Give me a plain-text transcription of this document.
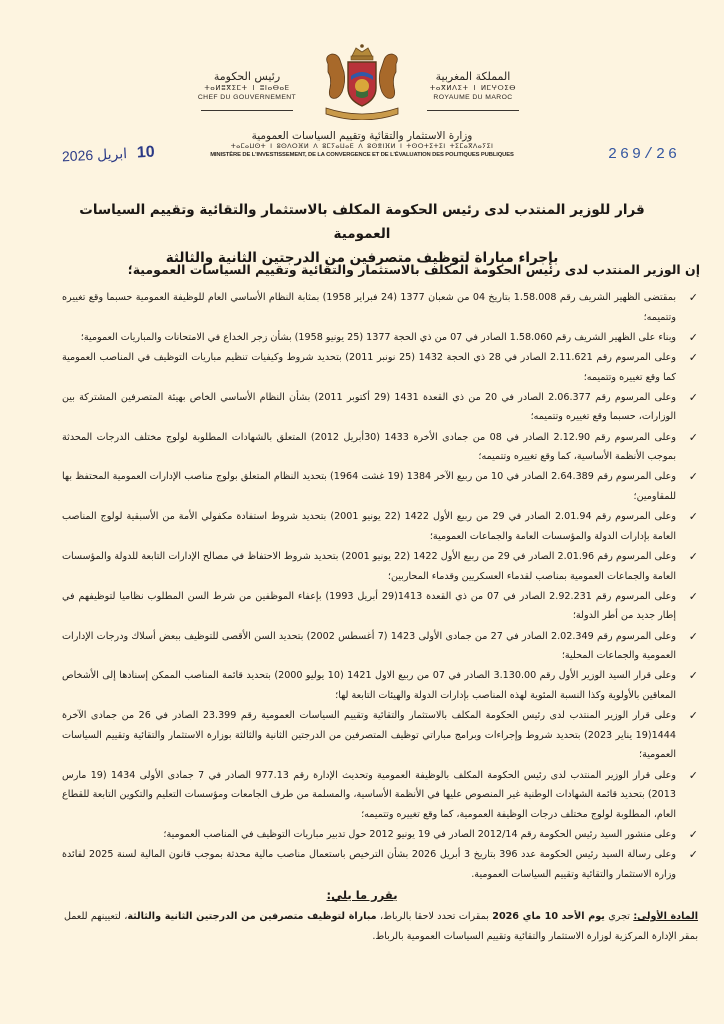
رئيس الحكومة
ⵜⴰⵍⵓⴳⵉⵎⵜ ⵏ ⵓⵏⴰⴱⴰⴹ
CHEF DU GOUVERNEMENT
المملكة المغربية
ⵜⴰⴳⵍⴷⵉⵜ ⵏ ⵍⵎⵖⵔⵉⴱ
ROYAUME DU MAROC
وزارة الاستثمار والتقائية وتقييم السياسات العمومية
ⵜⴰⵎⴰⵡⵙⵜ ⵏ ⵓⵙⴷⵔⴼⵍ ⴷ ⵓⵎⵢⴰⵡⴰⴹ ⴷ ⵓⵙⴻⵏⴼⵍ ⵏ ⵜⵙⵔⵜⵉⵜⵉⵏ ⵜⵉⵎⴰⴳⴷⴰⵢⵉⵏ
MINISTÈRE DE L'INVESTISSEMENT, DE LA CONVERGENCE ET DE L'ÉVALUATION DES POLITIQUES PUBLIQUES
10 ابريل 2026	269/26
قرار للوزير المنتدب لدى رئيس الحكومة المكلف بالاستثمار والتقائية وتقييم السياسات العمومية
بإجراء مباراة لتوظيف متصرفين من الدرجتين الثانية والثالثة
إن الوزير المنتدب لدى رئيس الحكومة المكلف بالاستثمار والتقائية وتقييم السياسات العمومية؛
✓
بمقتضى الظهير الشريف رقم 1.58.008 بتاريخ 04 من شعبان 1377 (24 فبراير 1958) بمثابة النظام الأساسي العام للوظيفة العمومية حسبما وقع تغييره وتتميمه؛
✓
وبناء على الظهير الشريف رقم 1.58.060 الصادر في 07 من ذي الحجة 1377 (25 يونيو 1958) بشأن زجر الخداع في الامتحانات والمباريات العمومية؛
✓
وعلى المرسوم رقم 2.11.621 الصادر في 28 ذي الحجة 1432 (25 نونبر 2011) بتحديد شروط وكيفيات تنظيم مباريات التوظيف في المناصب العمومية كما وقع تغييره وتتميمه؛
✓
وعلى المرسوم رقم 2.06.377 الصادر في 20 من ذي القعدة 1431 (29 أكتوبر 2011) بشأن النظام الأساسي الخاص بهيئة المتصرفين المشتركة بين الوزارات، حسبما وقع تغييره وتتميمه؛
✓
وعلى المرسوم رقم 2.12.90 الصادر في 08 من جمادى الأخرة 1433 (30أبريل 2012) المتعلق بالشهادات المطلوبة لولوج مختلف الدرجات المحدثة بموجب الأنظمة الأساسية، كما وقع تغييره وتتميمه؛
✓
وعلى المرسوم رقم 2.64.389 الصادر في 10 من ربيع الآخر 1384 (19 غشت 1964) بتحديد النظام المتعلق بولوج مناصب الإدارات العمومية المحتفظ بها للمقاومين؛
✓
وعلى المرسوم رقم 2.01.94 الصادر في 29 من ربيع الأول 1422 (22 يونيو 2001) بتحديد شروط استفادة مكفولي الأمة من الأسبقية لولوج المناصب العامة بإدارات الدولة والمؤسسات العامة والجماعات العمومية؛
✓
وعلى المرسوم رقم 2.01.96 الصادر في 29 من ربيع الأول 1422 (22 يونيو 2001) بتحديد شروط الاحتفاظ في مصالح الإدارات التابعة للدولة والمؤسسات العامة والجماعات العمومية بمناصب لقدماء العسكريين وقدماء المحاربين؛
✓
وعلى المرسوم رقم 2.92.231 الصادر في 07 من ذي القعدة 1413(29 أبريل 1993) بإعفاء الموظفين من شرط السن المطلوب نظاميا لتوظيفهم في إطار جديد من أطر الدولة؛
✓
وعلى المرسوم رقم 2.02.349 الصادر في 27 من جمادى الأولى 1423 (7 أغسطس 2002) بتحديد السن الأقصى للتوظيف ببعض أسلاك ودرجات الإدارات العمومية والجماعات المحلية؛
✓
وعلى قرار السيد الوزير الأول رقم 3.130.00 الصادر في 07 من ربيع الاول 1421 (10 يوليو 2000) بتحديد قائمة المناصب الممكن إسنادها إلى الأشخاص المعاقين بالأولوية وكذا النسبة المئوية لهذه المناصب بإدارات الدولة والهيئات التابعة لها؛
✓
وعلى قرار الوزير المنتدب لدى رئيس الحكومة المكلف بالاستثمار والتقائية وتقييم السياسات العمومية رقم 23.399 الصادر في 26 من جمادى الآخرة 1444(19 يناير 2023) بتحديد شروط وإجراءات وبرامج مباراتي توظيف المتصرفين من الدرجتين الثانية والثالثة بوزارة الاستثمار والتقائية وتقييم السياسات العمومية؛
✓
وعلى قرار الوزير المنتدب لدى رئيس الحكومة المكلف بالوظيفة العمومية وتحديث الإدارة رقم 977.13 الصادر في 7 جمادى الأولى 1434 (19 مارس 2013) بتحديد قائمة الشهادات الوطنية غير المنصوص عليها في الأنظمة الأساسية، والمسلمة من طرف الجامعات ومؤسسات التعليم والتكوين التابعة للقطاع العام، المطلوبة لولوج مختلف درجات الوظيفة العمومية، كما وقع تغييره وتتميمه؛
✓
وعلى منشور السيد رئيس الحكومة رقم 2012/14 الصادر في 19 يونيو 2012 حول تدبير مباريات التوظيف في المناصب العمومية؛
✓
وعلى رسالة السيد رئيس الحكومة عدد 396 بتاريخ 3 أبريل 2026 بشأن الترخيص باستعمال مناصب مالية محدثة بموجب قانون المالية لسنة 2025 لفائدة وزارة الاستثمار والتقائية وتقييم السياسات العمومية.
يقرر ما يلي:
المادة الأولى: تجري يوم الأحد 10 ماي 2026 بمقرات تحدد لاحقا بالرباط، مباراة لتوظيف متصرفين من الدرجتين الثانية والثالثة، لتعيينهم للعمل بمقر الإدارة المركزية لوزارة الاستثمار والتقائية وتقييم السياسات العمومية بالرباط.
